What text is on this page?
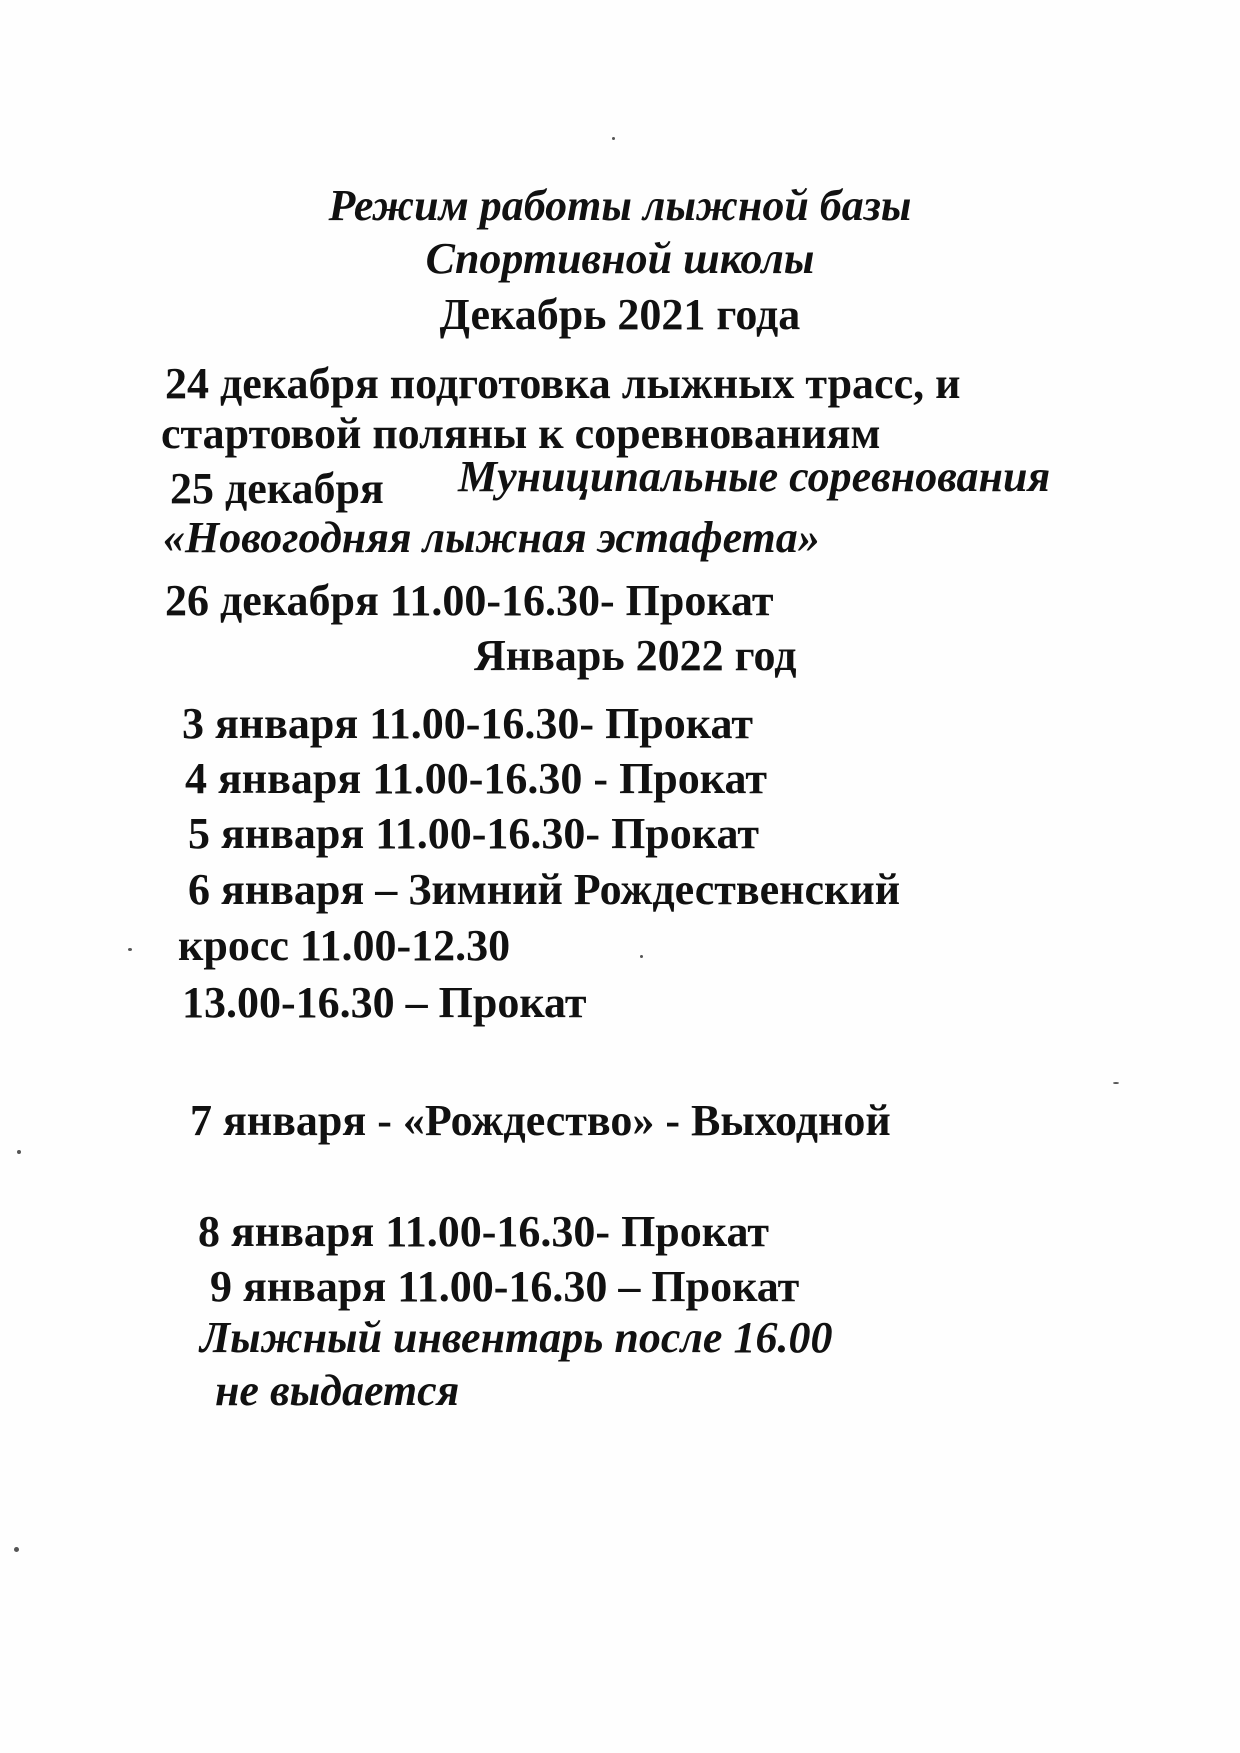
Режим работы лыжной базы

Спортивной школы

Декабрь 2021 года

24 декабря подготовка лыжных трасс, и

стартовой поляны к соревнованиям

25 декабря Муниципальные соревнования

«Новогодняя лыжная эстафета»

26 декабря 11.00-16.30- Прокат

Январь 2022 год

3 января 11.00-16.30- Прокат

4 января 11.00-16.30 - Прокат

5 января 11.00-16.30- Прокат

6 января – Зимний Рождественский

кросс 11.00-12.30

13.00-16.30 – Прокат

7 января - «Рождество» - Выходной

8 января 11.00-16.30- Прокат

9 января 11.00-16.30 – Прокат

Лыжный инвентарь после 16.00

не выдается
